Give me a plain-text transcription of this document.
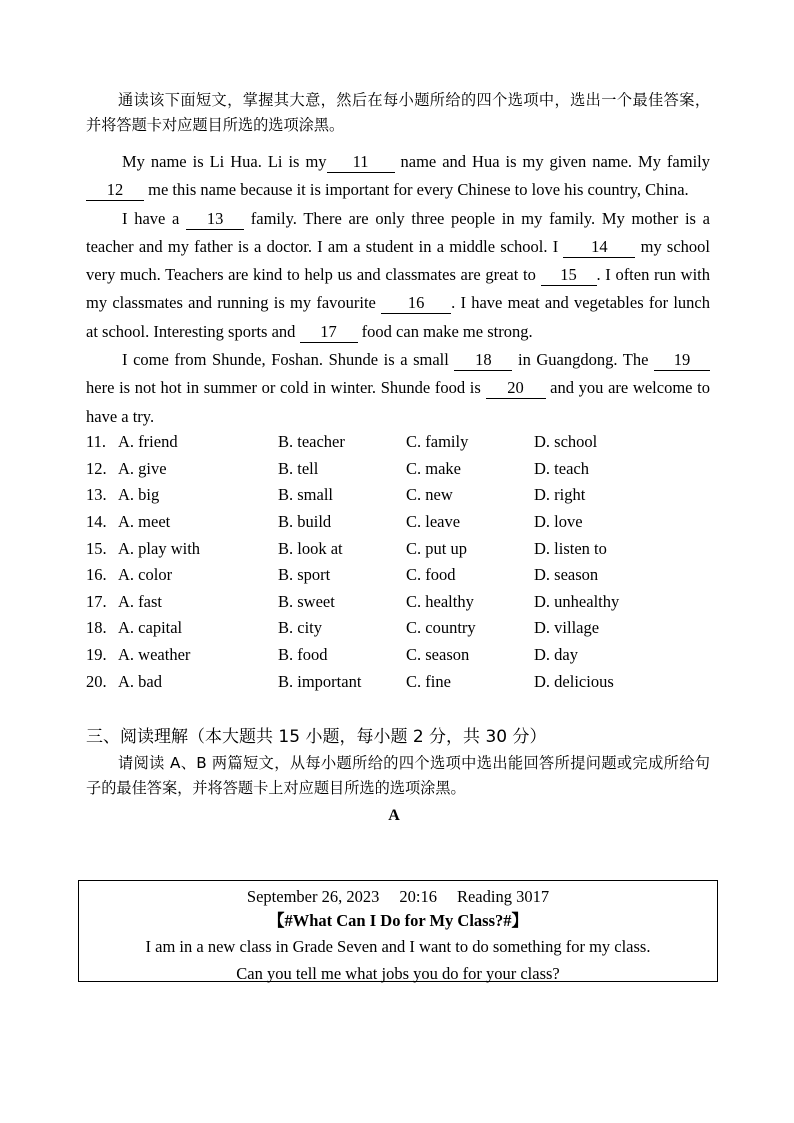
通读该下面短文，掌握其大意，然后在每小题所给的四个选项中，选出一个最佳答案，并将答题卡对应题目所选的选项涂黑。

My name is Li Hua. Li is my 11 name and Hua is my given name. My family 12 me this name because it is important for every Chinese to love his country, China.

I have a 13 family. There are only three people in my family. My mother is a teacher and my father is a doctor. I am a student in a middle school. I 14 my school very much. Teachers are kind to help us and classmates are great to 15 . I often run with my classmates and running is my favourite 16 . I have meat and vegetables for lunch at school. Interesting sports and 17 food can make me strong.

I come from Shunde, Foshan. Shunde is a small 18 in Guangdong. The 19 here is not hot in summer or cold in winter. Shunde food is 20 and you are welcome to have a try.

11.	A. friend	B. teacher	C. family	D. school
12.	A. give	B. tell	C. make	D. teach
13.	A. big	B. small	C. new	D. right
14.	A. meet	B. build	C. leave	D. love
15.	A. play with	B. look at	C. put up	D. listen to
16.	A. color	B. sport	C. food	D. season
17.	A. fast	B. sweet	C. healthy	D. unhealthy
18.	A. capital	B. city	C. country	D. village
19.	A. weather	B. food	C. season	D. day
20.	A. bad	B. important	C. fine	D. delicious
三、阅读理解（本大题共 15 小题，每小题 2 分，共 30 分）
请阅读 A、B 两篇短文，从每小题所给的四个选项中选出能回答所提问题或完成所给句子的最佳答案，并将答题卡上对应题目所选的选项涂黑。
A
September 26, 2023 20:16 Reading 3017
【#What Can I Do for My Class?#】
I am in a new class in Grade Seven and I want to do something for my class.
Can you tell me what jobs you do for your class?
